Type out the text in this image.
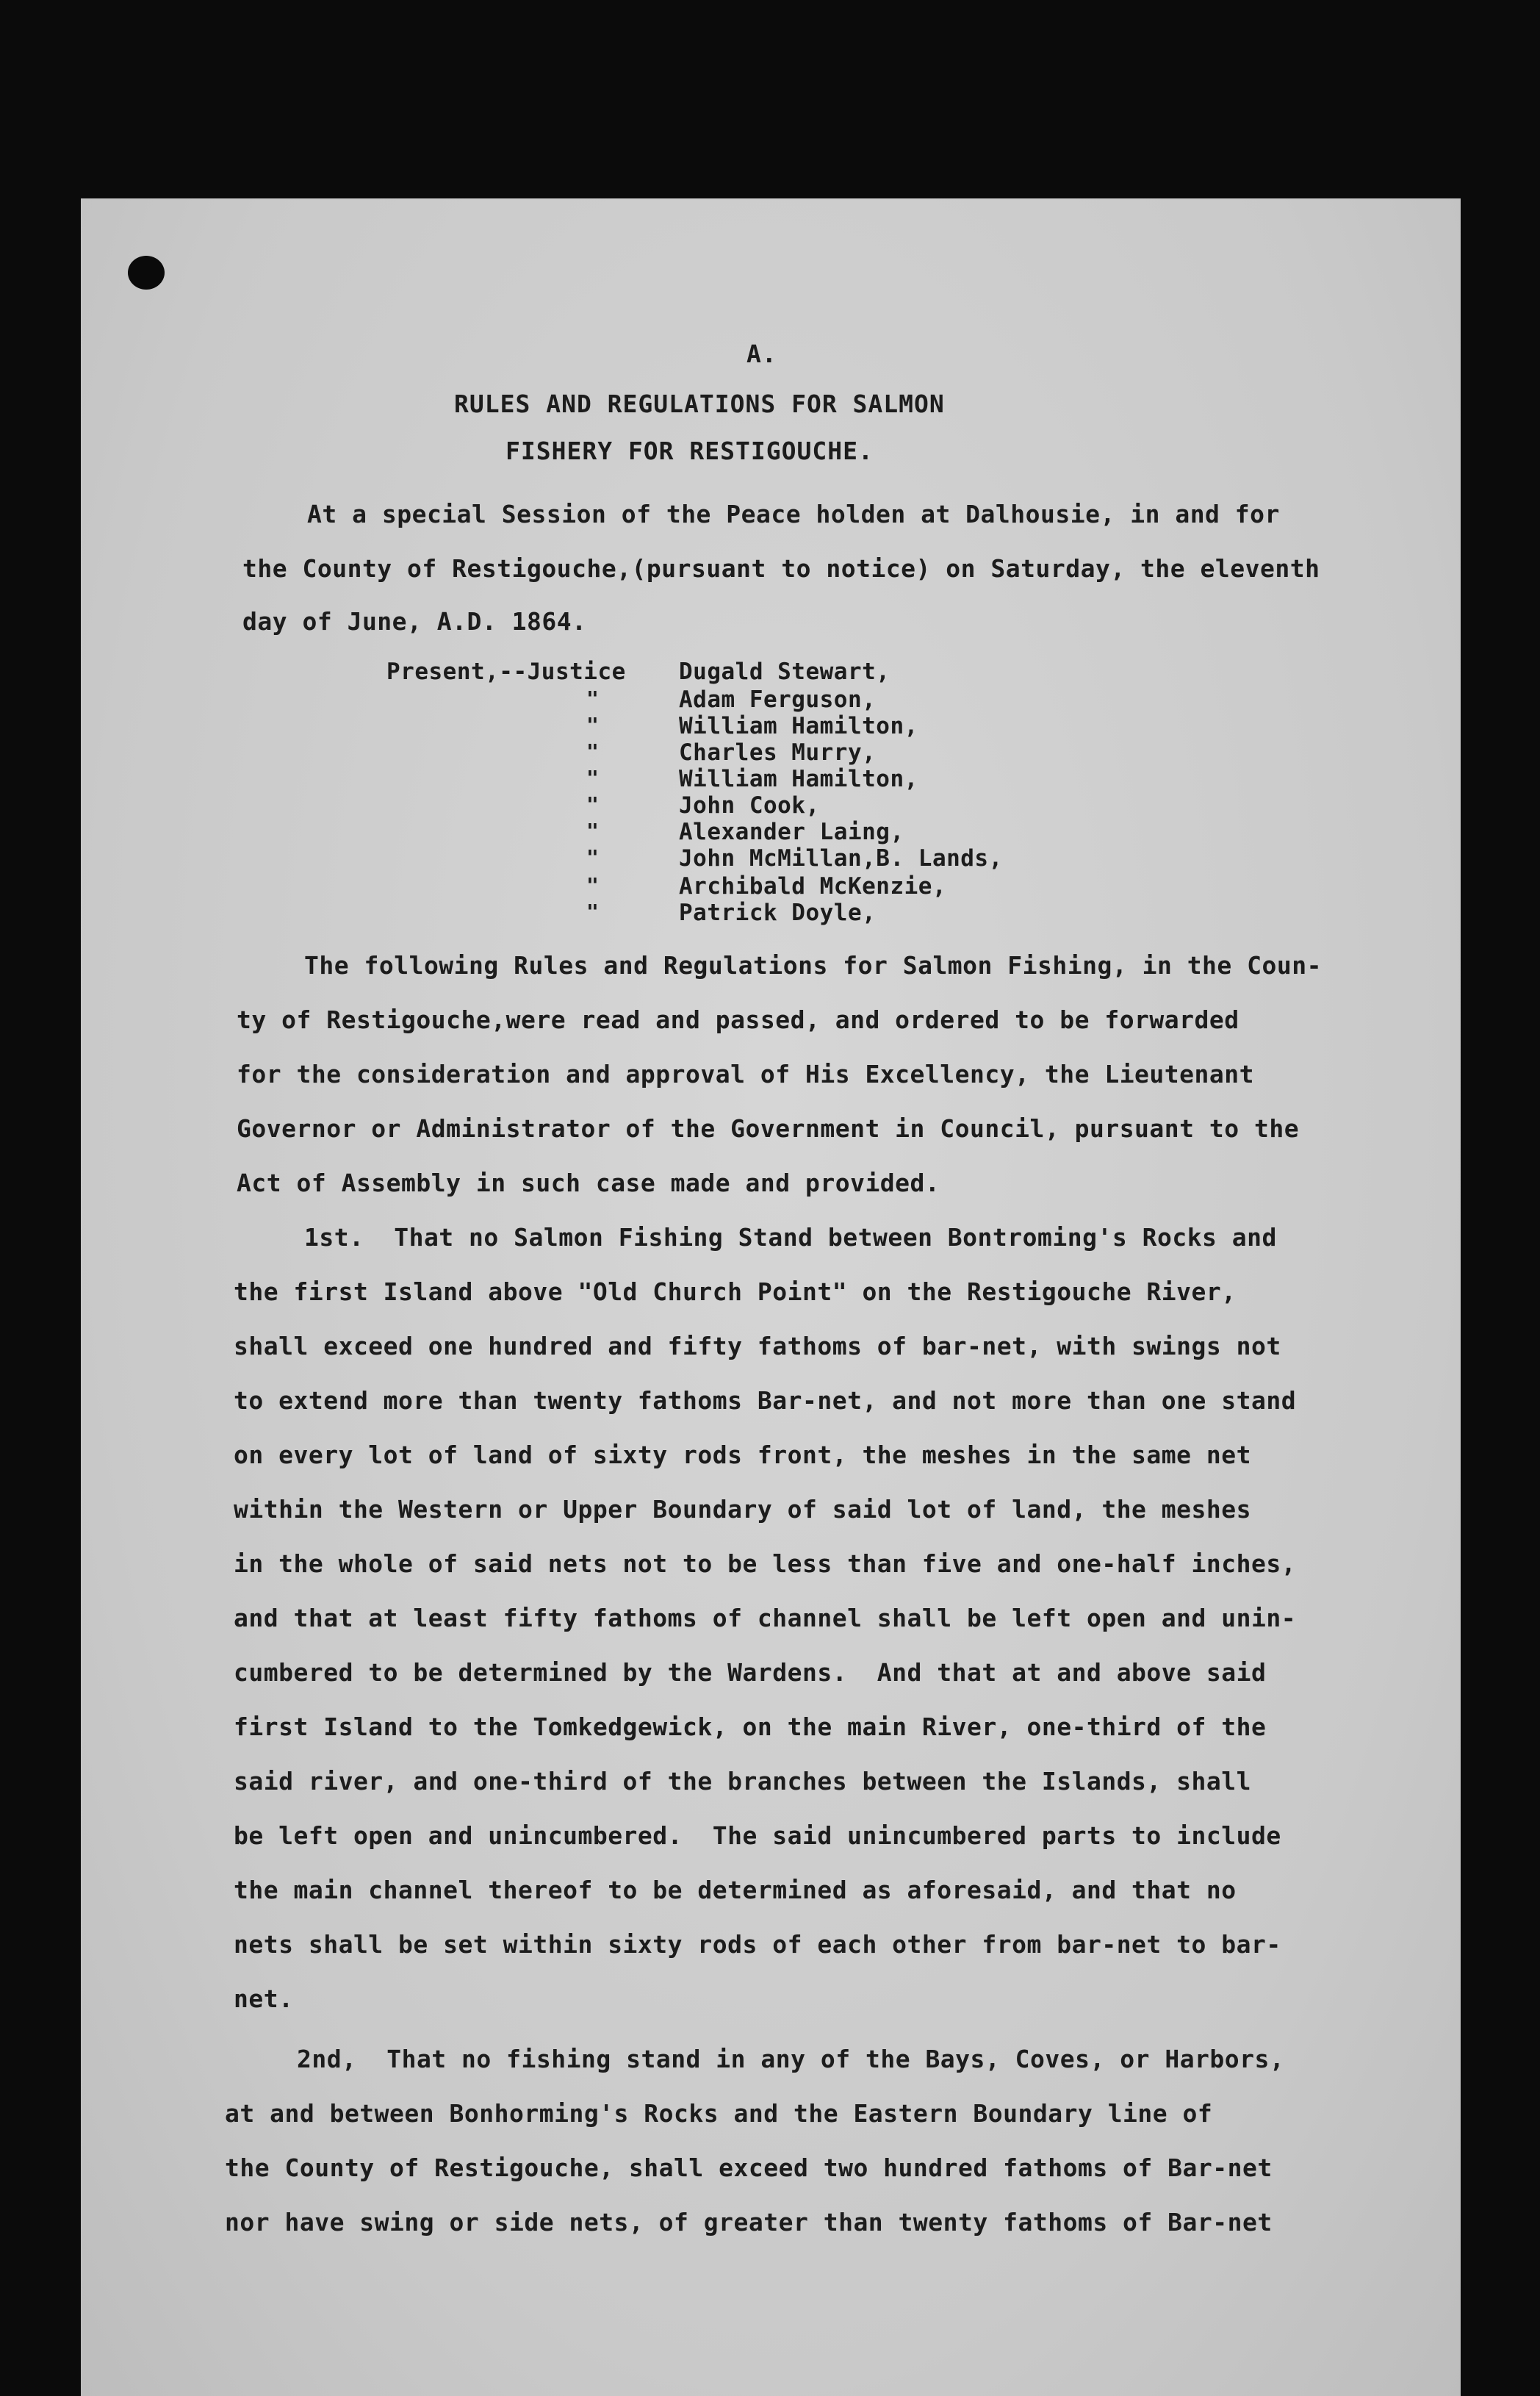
A.

RULES AND REGULATIONS FOR SALMON

FISHERY FOR RESTIGOUCHE.

At a special Session of the Peace holden at Dalhousie, in and for

the County of Restigouche,(pursuant to notice) on Saturday, the eleventh

day of June, A.D. 1864.

Present,--Justice

Dugald Stewart,

Adam Ferguson,

William Hamilton,

Charles Murry,

William Hamilton,

John Cook,

Alexander Laing,

John McMillan,B. Lands,

Archibald McKenzie,

Patrick Doyle,

"

"

"

"

"

"

"

"

"

The following Rules and Regulations for Salmon Fishing, in the Coun-

ty of Restigouche,were read and passed, and ordered to be forwarded

for the consideration and approval of His Excellency, the Lieutenant

Governor or Administrator of the Government in Council, pursuant to the

Act of Assembly in such case made and provided.

1st.  That no Salmon Fishing Stand between Bontroming's Rocks and

the first Island above "Old Church Point" on the Restigouche River,

shall exceed one hundred and fifty fathoms of bar-net, with swings not

to extend more than twenty fathoms Bar-net, and not more than one stand

on every lot of land of sixty rods front, the meshes in the same net

within the Western or Upper Boundary of said lot of land, the meshes

in the whole of said nets not to be less than five and one-half inches,

and that at least fifty fathoms of channel shall be left open and unin-

cumbered to be determined by the Wardens.  And that at and above said

first Island to the Tomkedgewick, on the main River, one-third of the

said river, and one-third of the branches between the Islands, shall

be left open and unincumbered.  The said unincumbered parts to include

the main channel thereof to be determined as aforesaid, and that no

nets shall be set within sixty rods of each other from bar-net to bar-

net.

2nd,  That no fishing stand in any of the Bays, Coves, or Harbors,

at and between Bonhorming's Rocks and the Eastern Boundary line of

the County of Restigouche, shall exceed two hundred fathoms of Bar-net

nor have swing or side nets, of greater than twenty fathoms of Bar-net
